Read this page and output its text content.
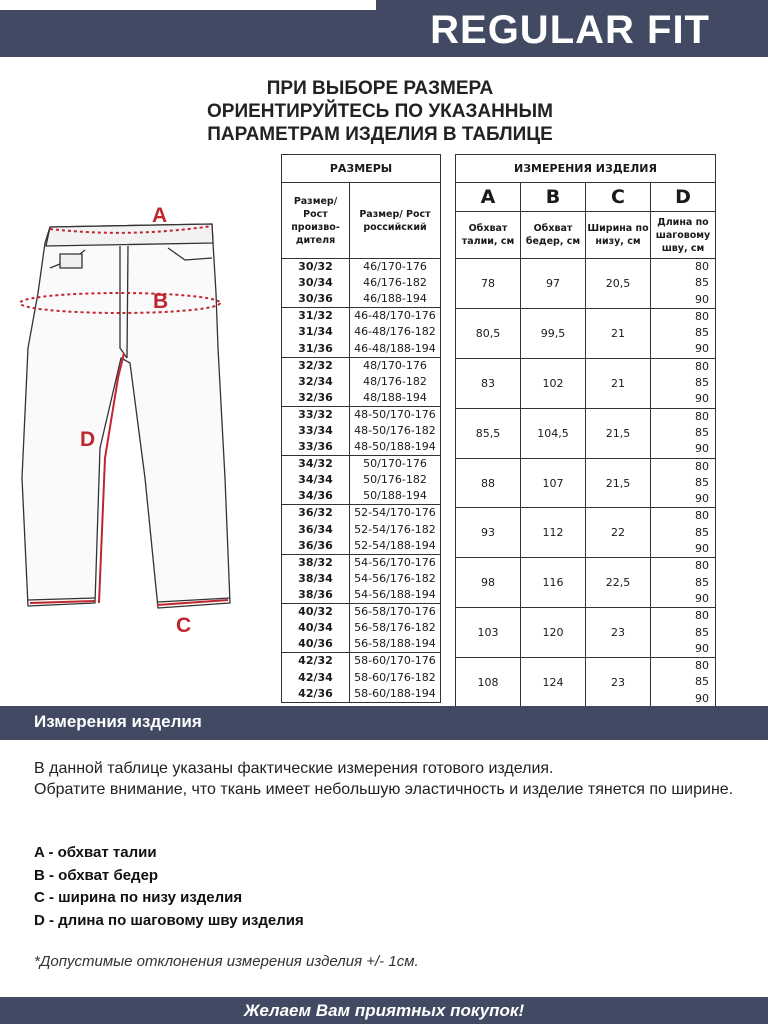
REGULAR FIT
ПРИ ВЫБОРЕ РАЗМЕРА
ОРИЕНТИРУЙТЕСЬ ПО УКАЗАННЫМ
ПАРАМЕТРАМ ИЗДЕЛИЯ В ТАБЛИЦЕ
A
B
D
C
РАЗМЕРЫ	
Размер/ Рост произво- дителя	Размер/ Рост российский
30/32	46/170-176
30/34	46/176-182
30/36	46/188-194
31/32	46-48/170-176
31/34	46-48/176-182
31/36	46-48/188-194
32/32	48/170-176
32/34	48/176-182
32/36	48/188-194
33/32	48-50/170-176
33/34	48-50/176-182
33/36	48-50/188-194
34/32	50/170-176
34/34	50/176-182
34/36	50/188-194
36/32	52-54/170-176
36/34	52-54/176-182
36/36	52-54/188-194
38/32	54-56/170-176
38/34	54-56/176-182
38/36	54-56/188-194
40/32	56-58/170-176
40/34	56-58/176-182
40/36	56-58/188-194
42/32	58-60/170-176
42/34	58-60/176-182
42/36	58-60/188-194
ИЗМЕРЕНИЯ ИЗДЕЛИЯ			
A	B	C	D
Обхват талии, см	Обхват бедер, см	Ширина по низу, см	Длина по шаговому шву, см
78	97	20,5	80
			85
			90
80,5	99,5	21	80
			85
			90
83	102	21	80
			85
			90
85,5	104,5	21,5	80
			85
			90
88	107	21,5	80
			85
			90
93	112	22	80
			85
			90
98	116	22,5	80
			85
			90
103	120	23	80
			85
			90
108	124	23	80
			85
			90
Измерения изделия
В данной таблице указаны фактические измерения готового изделия.
Обратите внимание, что ткань имеет небольшую эластичность и изделие тянется по ширине.
A - обхват талии
B - обхват бедер
C - ширина по низу изделия
D - длина по шаговому шву изделия
*Допустимые отклонения измерения изделия +/- 1см.
Желаем Вам приятных покупок!
